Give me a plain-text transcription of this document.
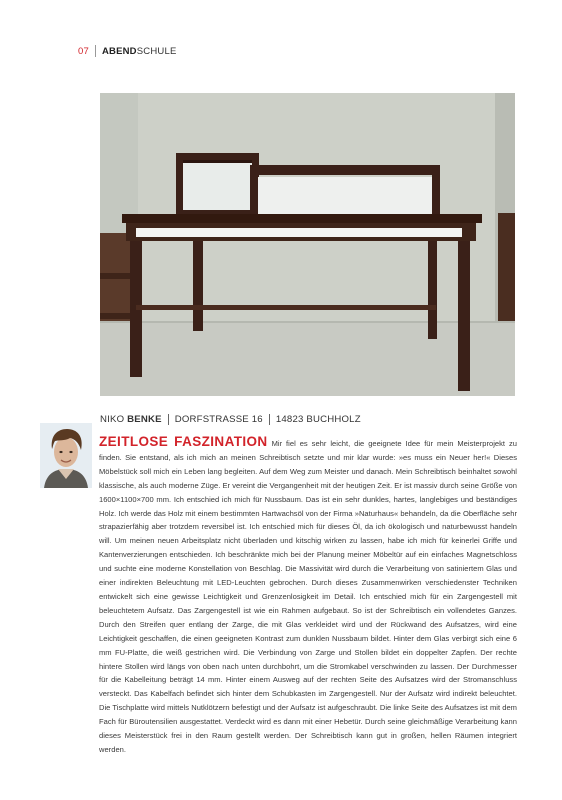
07 ABENDSCHULE
NIKO
BENKE DORFSTRASSE 16 14823 BUCHHOLZ
ZEITLOSE FASZINATION Mir fiel es sehr leicht, die geeignete Idee für mein Meisterprojekt zu finden. Sie entstand, als ich mich an meinen Schreibtisch setzte und mir klar wurde: »es muss ein Neuer her!« Dieses Möbelstück soll mich ein Leben lang begleiten. Auf dem Weg zum Meister und danach. Mein Schreibtisch beinhaltet sowohl klassische, als auch moderne Züge. Er vereint die Vergangenheit mit der heutigen Zeit. Er ist massiv durch seine Größe von 1600×1100×700 mm. Ich entschied ich mich für Nussbaum. Das ist ein sehr dunkles, hartes, langlebiges und beständiges Holz. Ich werde das Holz mit einem bestimmten Hartwachsöl von der Firma »Naturhaus« behandeln, da die Oberfläche sehr strapazierfähig aber trotzdem reversibel ist. Ich entschied mich für dieses Öl, da ich ökologisch und naturbewusst handeln will. Um meinen neuen Arbeitsplatz nicht überladen und kitschig wirken zu lassen, habe ich mich für keinerlei Griffe und Kantenverzierungen entschieden. Ich beschränkte mich bei der Planung meiner Möbeltür auf ein einfaches Magnetschloss und suchte eine moderne Konstellation von Beschlag. Die Massivität wird durch die Verarbeitung von satiniertem Glas und einer indirekten Beleuchtung mit LED-Leuchten gebrochen. Durch dieses Zusammenwirken verschiedenster Techniken entwickelt sich eine gewisse Leichtigkeit und Grenzenlosigkeit im Detail. Ich entschied mich für ein Zargengestell mit beleuchtetem Aufsatz. Das Zargengestell ist wie ein Rahmen aufgebaut. So ist der Schreibtisch ein vollendetes Ganzes. Durch den Streifen quer entlang der Zarge, die mit Glas verkleidet wird und der Rückwand des Aufsatzes, wird eine Leichtigkeit geschaffen, die einen geeigneten Kontrast zum dunklen Nussbaum bildet. Hinter dem Glas verbirgt sich eine 6 mm FU-Platte, die weiß gestrichen wird. Die Verbindung von Zarge und Stollen bildet ein doppelter Zapfen. Der rechte hintere Stollen wird längs von oben nach unten durchbohrt, um die Stromkabel verschwinden zu lassen. Der Durchmesser für die Kabelleitung beträgt 14 mm. Hinter einem Ausweg auf der rechten Seite des Aufsatzes wird der Stromanschluss versteckt. Das Kabelfach befindet sich hinter dem Schubkasten im Zargengestell. Nur der Aufsatz wird indirekt beleuchtet. Die Tischplatte wird mittels Nutklötzern befestigt und der Aufsatz ist aufgeschraubt. Die linke Seite des Aufsatzes ist mit dem Fach für Büroutensilien ausgestattet. Verdeckt wird es dann mit einer Hebetür. Durch seine gleichmäßige Verarbeitung kann dieses Meisterstück frei in den Raum gestellt werden. Der Schreibtisch kann gut in großen, hellen Räumen integriert werden.
